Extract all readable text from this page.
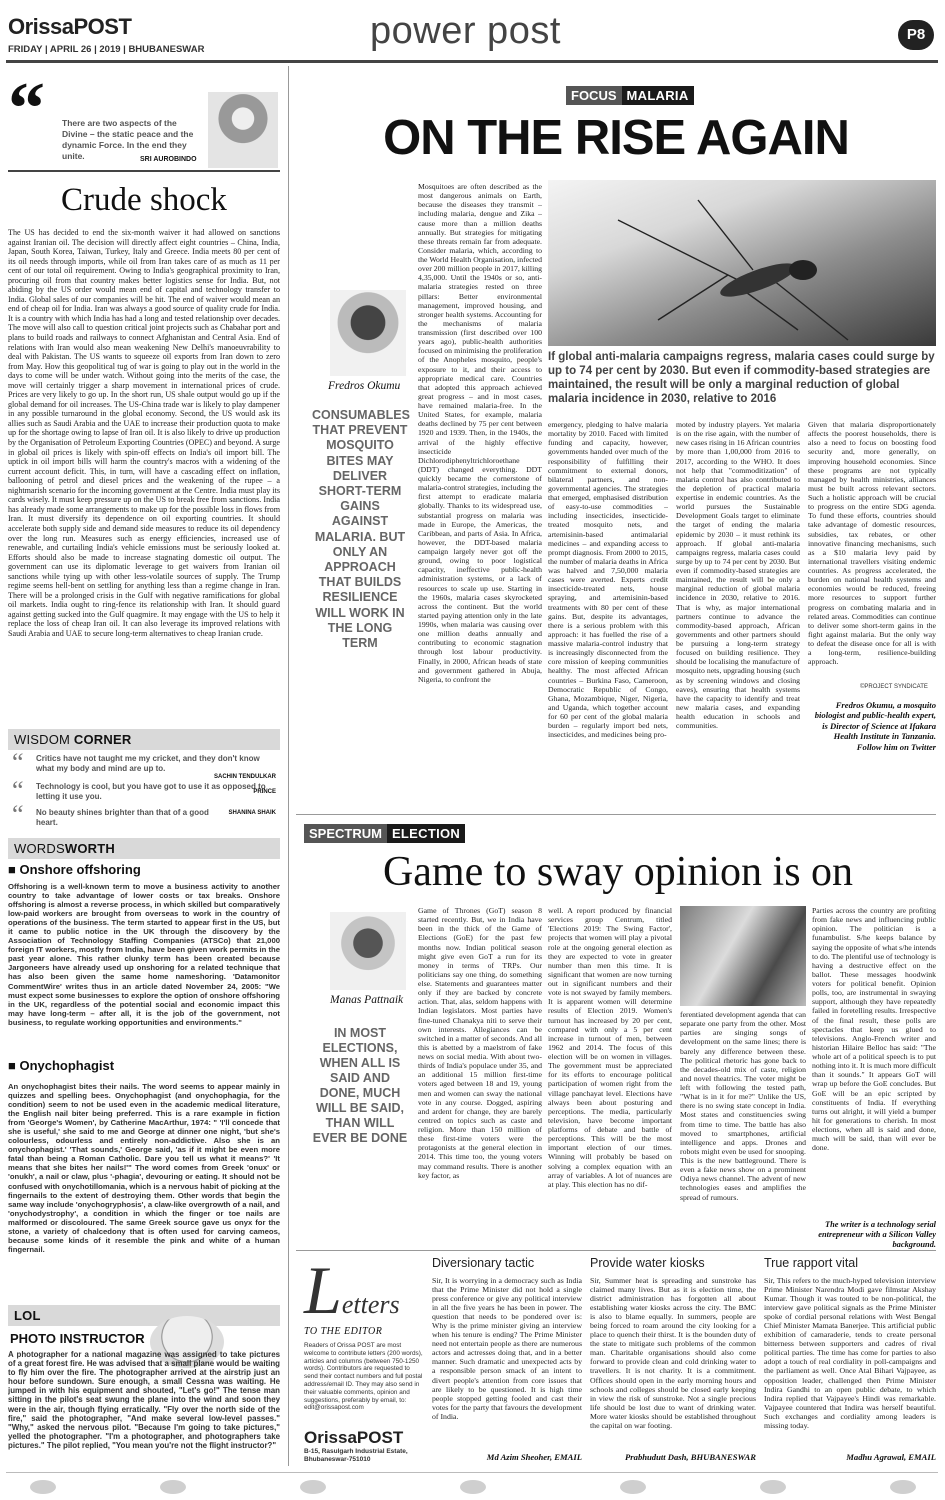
OrissaPOST
FRIDAY | APRIL 26 | 2019 | BHUBANESWAR	power post	P8
“ There are two aspects of the Divine – the static peace and the dynamic Force. In the end they unite.	SRI AUROBINDO
Crude shock
The US has decided to end the six-month waiver it had allowed on sanctions against Iranian oil. The decision will directly affect eight countries – China, India, Japan, South Korea, Taiwan, Turkey, Italy and Greece. India meets 80 per cent of its oil needs through imports, while oil from Iran takes care of as much as 11 per cent of our total oil requirement. Owing to India's geographical proximity to Iran, procuring oil from that country makes better logistics sense for India. But, not abiding by the US order would mean end of capital and technology transfer to India. Global sales of our companies will be hit. The end of waiver would mean an end of cheap oil for India. Iran was always a good source of quality crude for India. It is a country with which India has had a long and tested relationship over decades. The move will also call to question critical joint projects such as Chabahar port and plans to build roads and railways to connect Afghanistan and Central Asia. End of relations with Iran would also mean weakening New Delhi's manoeuvrability to deal with Pakistan. The US wants to squeeze oil exports from Iran down to zero from May. How this geopolitical tug of war is going to play out in the world in the days to come will be under watch. Without going into the merits of the case, the move will certainly trigger a sharp movement in international prices of crude. Prices are very likely to go up. In the short run, US shale output would go up if the global demand for oil increases. The US-China trade war is likely to play dampener in any possible turnaround in the global economy. Second, the US would ask its allies such as Saudi Arabia and the UAE to increase their production quota to make up for the shortage owing to lapse of Iran oil. It is also likely to drive up production by the Organisation of Petroleum Exporting Countries (OPEC) and beyond. A surge in global oil prices is likely with spin-off effects on India's oil import bill. The uptick in oil import bills will harm the country's macros with a widening of the current account deficit. This, in turn, will have a cascading effect on inflation, ballooning of petrol and diesel prices and the weakening of the rupee – a nightmarish scenario for the incoming government at the Centre. India must play its cards wisely. It must keep pressure up on the US to break free from sanctions. India has already made some arrangements to make up for the possible loss in flows from Iran. It must diversify its dependence on oil exporting countries. It should accelerate both supply side and demand side measures to reduce its oil dependency over the long run. Measures such as energy efficiencies, increased use of renewable, and curtailing India's vehicle emissions must be seriously looked at. Efforts should also be made to increase stagnating domestic oil output. The government can use its diplomatic leverage to get waivers from Iranian oil sanctions while tying up with other less-volatile sources of supply. The Trump regime seems hell-bent on settling for anything less than a regime change in Iran. There will be a prolonged crisis in the Gulf with negative ramifications for global oil markets. India ought to ring-fence its relationship with Iran. It should guard against getting sucked into the Gulf quagmire. It may engage with the US to help it replace the loss of cheap Iran oil. It can also leverage its improved relations with Saudi Arabia and UAE to secure long-term alternatives to cheap Iranian crude.
WISDOM CORNER
“ Critics have not taught me my cricket, and they don't know what my body and mind are up to.
SACHIN TENDULKAR
“ Technology is cool, but you have got to use it as opposed to letting it use you.	PRINCE
“ No beauty shines brighter than that of a good heart.
SHANINA SHAIK
WORDSWORTH
■ Onshore offshoring
Offshoring is a well-known term to move a business activity to another country to take advantage of lower costs or tax breaks. Onshore offshoring is almost a reverse process, in which skilled but comparatively low-paid workers are brought from overseas to work in the country of operations of the business. The term started to appear first in the US, but it came to public notice in the UK through the discovery by the Association of Technology Staffing Companies (ATSCo) that 21,000 foreign IT workers, mostly from India, have been given work permits in the past year alone. This rather clunky term has been created because Jargoneers have already used up onshoring for a related technique that has also been given the same home nameshoring. 'Datamonitor CommentWire' writes thus in an article dated November 24, 2005: "We must expect some businesses to explore the option of onshore offshoring in the UK, regardless of the potential social and economic impact this may have long-term – after all, it is the job of the government, not business, to regulate working opportunities and environments."
■ Onychophagist
An onychophagist bites their nails. The word seems to appear mainly in quizzes and spelling bees. Onychophagist (and onychophagia, for the condition) seem to not be used even in the academic medical literature, the English nail biter being preferred. This is a rare example in fiction from 'George's Women', by Catherine MacArthur, 1974: " 'I'll concede that she is useful,' she said to me and George at dinner one night, 'but she's colourless, odourless and entirely non-addictive. Also she is an onychophagist.' 'That sounds,' George said, 'as if it might be even more fatal than being a Roman Catholic. Dare you tell us what it means?' 'It means that she bites her nails!'" The word comes from Greek 'onux' or 'onukh', a nail or claw, plus '-phagia', devouring or eating. It should not be confused with onychotillomania, which is a nervous habit of picking at the fingernails to the extent of destroying them. Other words that begin the same way include 'onychogryphosis', a claw-like overgrowth of a nail, and 'onychodystrophy', a condition in which the finger or toe nails are malformed or discoloured. The same Greek source gave us onyx for the stone, a variety of chalcedony that is often used for carving cameos, because some kinds of it resemble the pink and white of a human fingernail.
LOL
PHOTO INSTRUCTOR
A photographer for a national magazine was assigned to take pictures of a great forest fire. He was advised that a small plane would be waiting to fly him over the fire. The photographer arrived at the airstrip just an hour before sundown. Sure enough, a small Cessna was waiting. He jumped in with his equipment and shouted, "Let's go!" The tense man sitting in the pilot's seat swung the plane into the wind and soon they were in the air, though flying erratically. "Fly over the north side of the fire," said the photographer, "And make several low-level passes." "Why," asked the nervous pilot. "Because I'm going to take pictures," yelled the photographer. "I'm a photographer, and photographers take pictures." The pilot replied, "You mean you're not the flight instructor?"
FOCUS MALARIA
ON THE RISE AGAIN
Fredros Okumu
CONSUMABLES THAT PREVENT MOSQUITO BITES MAY DELIVER SHORT-TERM GAINS AGAINST MALARIA. BUT ONLY AN APPROACH THAT BUILDS RESILIENCE WILL WORK IN THE LONG TERM
Mosquitoes are often described as the most dangerous animals on Earth, because the diseases they transmit – including malaria, dengue and Zika – cause more than a million deaths annually. But strategies for mitigating these threats remain far from adequate. Consider malaria, which, according to the World Health Organisation, infected over 200 million people in 2017, killing 4,35,000. Until the 1940s or so, anti-malaria strategies rested on three pillars: Better environmental management, improved housing, and stronger health systems. Accounting for the mechanisms of malaria transmission (first described over 100 years ago), public-health authorities focused on minimising the proliferation of the Anopheles mosquito, people's exposure to it, and their access to appropriate medical care. Countries that adopted this approach achieved great progress – and in most cases, have remained malaria-free. In the United States, for example, malaria deaths declined by 75 per cent between 1920 and 1939. Then, in the 1940s, the arrival of the highly effective insecticide Dichlorodiphenyltrichloroethane (DDT) changed everything. DDT quickly became the cornerstone of malaria-control strategies, including the first attempt to eradicate malaria globally. Thanks to its widespread use, substantial progress on malaria was made in Europe, the Americas, the Caribbean, and parts of Asia. In Africa, however, the DDT-based malaria campaign largely never got off the ground, owing to poor logistical capacity, ineffective public-health administration systems, or a lack of resources to scale up use. Starting in the 1960s, malaria cases skyrocketed across the continent. But the world started paying attention only in the late 1990s, when malaria was causing over one million deaths annually and contributing to economic stagnation through lost labour productivity. Finally, in 2000, African heads of state and government gathered in Abuja, Nigeria, to confront the
If global anti-malaria campaigns regress, malaria cases could surge by up to 74 per cent by 2030. But even if commodity-based strategies are maintained, the result will be only a marginal reduction of global malaria incidence in 2030, relative to 2016
emergency, pledging to halve malaria mortality by 2010. Faced with limited funding and capacity, however, governments handed over much of the responsibility of fulfilling their commitment to external donors, bilateral partners, and non-governmental agencies. The strategies that emerged, emphasised distribution of easy-to-use commodities – including insecticides, insecticide-treated mosquito nets, and artemisinin-based antimalarial medicines – and expanding access to prompt diagnosis. From 2000 to 2015, the number of malaria deaths in Africa was halved and 7,50,000 malaria cases were averted. Experts credit insecticide-treated nets, house spraying, and artemisinin-based treatments with 80 per cent of these gains. But, despite its advantages, there is a serious problem with this approach: it has fuelled the rise of a massive malaria-control industry that is increasingly disconnected from the core mission of keeping communities healthy. The most affected African countries – Burkina Faso, Cameroon, Democratic Republic of Congo, Ghana, Mozambique, Niger, Nigeria, and Uganda, which together account for 60 per cent of the global malaria burden – regularly import bed nets, insecticides, and medicines being pro-
moted by industry players. Yet malaria is on the rise again, with the number of new cases rising in 16 African countries by more than 1,00,000 from 2016 to 2017, according to the WHO. It does not help that "commoditization" of malaria control has also contributed to the depletion of practical malaria expertise in endemic countries. As the world pursues the Sustainable Development Goals target to eliminate the target of ending the malaria epidemic by 2030 – it must rethink its approach. If global anti-malaria campaigns regress, malaria cases could surge by up to 74 per cent by 2030. But even if commodity-based strategies are maintained, the result will be only a marginal reduction of global malaria incidence in 2030, relative to 2016. That is why, as major international partners continue to advance the commodity-based approach, African governments and other partners should be pursuing a long-term strategy focused on building resilience. They should be localising the manufacture of mosquito nets, upgrading housing (such as by screening windows and closing eaves), ensuring that health systems have the capacity to identify and treat new malaria cases, and expanding health education in schools and communities.
Given that malaria disproportionately affects the poorest households, there is also a need to focus on boosting food security and, more generally, on improving household economies. Since these programs are not typically managed by health ministries, alliances must be built across relevant sectors. Such a holistic approach will be crucial to progress on the entire SDG agenda. To fund these efforts, countries should take advantage of domestic resources, subsidies, tax rebates, or other innovative financing mechanisms, such as a $10 malaria levy paid by international travellers visiting endemic countries. As progress accelerated, the burden on national health systems and economies would be reduced, freeing more resources to support further progress on combating malaria and in related areas. Commodities can continue to deliver some short-term gains in the fight against malaria. But the only way to defeat the disease once for all is with a long-term, resilience-building approach.
©PROJECT SYNDICATE
Fredros Okumu, a mosquito biologist and public-health expert, is Director of Science at Ifakara Health Institute in Tanzania. Follow him on Twitter
SPECTRUM ELECTION
Game to sway opinion is on
Manas Pattnaik
IN MOST ELECTIONS, WHEN ALL IS SAID AND DONE, MUCH WILL BE SAID, THAN WILL EVER BE DONE
Game of Thrones (GoT) season 8 started recently. But, we in India have been in the thick of the Game of Elections (GoE) for the past few months now. Indian political season might give even GoT a run for its money in terms of TRPs. Our politicians say one thing, do something else. Statements and guarantees matter only if they are backed by concrete action. That, alas, seldom happens with Indian legislators. Most parties have fine-tuned Chanakya niti to serve their own interests. Allegiances can be switched in a matter of seconds. And all this is abetted by a maelstrom of fake news on social media. With about two-thirds of India's populace under 35, and an additional 15 million first-time voters aged between 18 and 19, young men and women can sway the national vote in any course. Dogged, aspiring and ardent for change, they are barely centred on topics such as caste and religion. More than 150 million of these first-time voters were the protagonists at the general election in 2014. This time too, the young voters may command results. There is another key factor, as
well. A report produced by financial services group Centrum, titled 'Elections 2019: The Swing Factor', projects that women will play a pivotal role at the ongoing general election as they are expected to vote in greater number than men this time. It is significant that women are now turning out in significant numbers and their vote is not swayed by family members. It is apparent women will determine results of Election 2019. Women's turnout has increased by 20 per cent, compared with only a 5 per cent increase in turnout of men, between 1962 and 2014. The focus of this election will be on women in villages. The government must be appreciated for its efforts to encourage political participation of women right from the village panchayat level. Elections have always been about posturing and perceptions. The media, particularly television, have become important platforms of debate and battle of perceptions. This will be the most important election of our times. Winning will probably be based on solving a complex equation with an array of variables. A lot of nuances are at play. This election has no dif-
ferentiated development agenda that can separate one party from the other. Most parties are singing songs of development on the same lines; there is barely any difference between these. The political rhetoric has gone back to the decades-old mix of caste, religion and novel theatrics. The voter might be left with following the tested path, "What is in it for me?" Unlike the US, there is no swing state concept in India. Most states and constituencies swing from time to time. The battle has also moved to smartphones, artificial intelligence and apps. Drones and robots might even be used for snooping. This is the new battleground. There is even a fake news show on a prominent Odiya news channel. The advent of new technologies eases and amplifies the spread of rumours.
Parties across the country are profiting from fake news and influencing public opinion. The politician is a funambulist. S/he keeps balance by saying the opposite of what s/he intends to do. The plentiful use of technology is having a destructive effect on the ballot. These messages hoodwink voters for political benefit. Opinion polls, too, are instrumental in swaying support, although they have repeatedly failed in foretelling results. Irrespective of the final result, these polls are spectacles that keep us glued to televisions. Anglo-French writer and historian Hilaire Belloc has said: "The whole art of a political speech is to put nothing into it. It is much more difficult than it sounds." It appears GoT will wrap up before the GoE concludes. But GoE will be an epic scripted by constituents of India. If everything turns out alright, it will yield a bumper hit for generations to cherish. In most elections, when all is said and done, much will be said, than will ever be done.
The writer is a technology serial entrepreneur with a Silicon Valley background.
Letters
TO THE EDITOR
Readers of Orissa POST are most welcome to contribute letters (200 words), articles and columns (between 750-1250 words). Contributors are requested to send their contact numbers and full postal address/email ID. They may also send in their valuable comments, opinion and suggestions, preferably by email, to: edit@orissapost.com
OrissaPOST
B-15, Rasulgarh Industrial Estate, Bhubaneswar-751010
Diversionary tactic
Sir, It is worrying in a democracy such as India that the Prime Minister did not hold a single press conference or give any political interview in all the five years he has been in power. The question that needs to be pondered over is: Why is the prime minister giving an interview when his tenure is ending? The Prime Minister need not entertain people as there are numerous actors and actresses doing that, and in a better manner. Such dramatic and unexpected acts by a responsible person smack of an intent to divert people's attention from core issues that are likely to be questioned. It is high time people stopped getting fooled and cast their votes for the party that favours the development of India.
Md Azim Sheoher, EMAIL
Provide water kiosks
Sir, Summer heat is spreading and sunstroke has claimed many lives. But as it is election time, the district administration has forgotten all about establishing water kiosks across the city. The BMC is also to blame equally. In summers, people are being forced to roam around the city looking for a place to quench their thirst. It is the bounden duty of the state to mitigate such problems of the common man. Charitable organisations should also come forward to provide clean and cold drinking water to travellers. It is not charity. It is a commitment. Offices should open in the early morning hours and schools and colleges should be closed early keeping in view the risk of sunstroke. Not a single precious life should be lost due to want of drinking water. More water kiosks should be established throughout the capital on war footing.
Prabhudutt Dash, BHUBANESWAR
True rapport vital
Sir, This refers to the much-hyped television interview Prime Minister Narendra Modi gave filmstar Akshay Kumar. Though it was touted to be non-political, the interview gave political signals as the Prime Minister spoke of cordial personal relations with West Bengal Chief Minister Mamata Banerjee. This artificial public exhibition of camaraderie, tends to create personal bitterness between supporters and cadres of rival political parties. The time has come for parties to also adopt a touch of real cordiality in poll-campaigns and the parliament as well. Once Atal Bihari Vajpayee, as opposition leader, challenged then Prime Minister Indira Gandhi to an open public debate, to which Indira replied that Vajpayee's Hindi was remarkable. Vajpayee countered that Indira was herself beautiful. Such exchanges and cordiality among leaders is missing today.
Madhu Agrawal, EMAIL
